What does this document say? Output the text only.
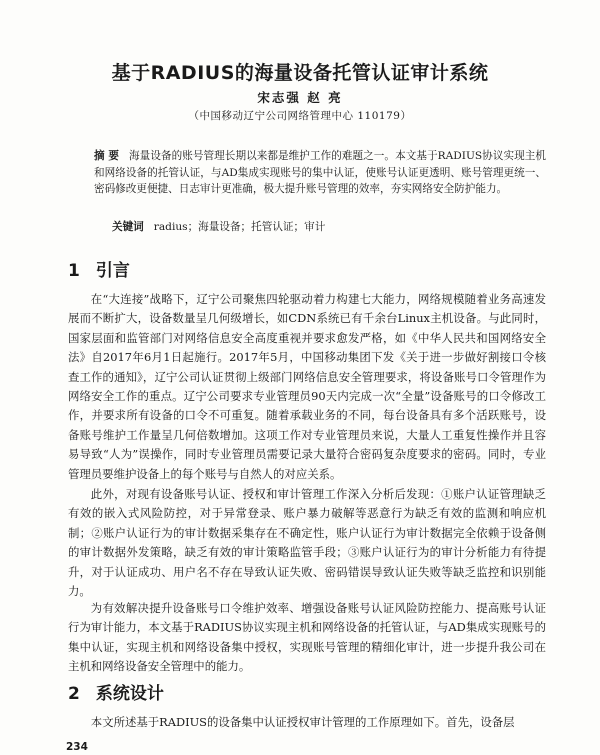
基于RADIUS的海量设备托管认证审计系统
宋志强 赵 亮
（中国移动辽宁公司网络管理中心 110179）

摘 要 海量设备的账号管理长期以来都是维护工作的难题之一。本文基于RADIUS协议实现主机和网络设备的托管认证，与AD集成实现账号的集中认证，使账号认证更透明、账号管理更统一、密码修改更便捷、日志审计更准确，极大提升账号管理的效率，夯实网络安全防护能力。

关键词 radius；海量设备；托管认证；审计

1 引言

在“大连接”战略下，辽宁公司聚焦四轮驱动着力构建七大能力，网络规模随着业务高速发展而不断扩大，设备数量呈几何级增长，如CDN系统已有千余台Linux主机设备。与此同时，国家层面和监管部门对网络信息安全高度重视并要求愈发严格，如《中华人民共和国网络安全法》自2017年6月1日起施行。2017年5月，中国移动集团下发《关于进一步做好割接口令核查工作的通知》，辽宁公司认证贯彻上级部门网络信息安全管理要求，将设备账号口令管理作为网络安全工作的重点。辽宁公司要求专业管理员90天内完成一次“全量”设备账号的口令修改工作，并要求所有设备的口令不可重复。随着承载业务的不同，每台设备具有多个活跃账号，设备账号维护工作量呈几何倍数增加。这项工作对专业管理员来说，大量人工重复性操作并且容易导致“人为”误操作，同时专业管理员需要记录大量符合密码复杂度要求的密码。同时，专业管理员要维护设备上的每个账号与自然人的对应关系。

此外，对现有设备账号认证、授权和审计管理工作深入分析后发现：①账户认证管理缺乏有效的嵌入式风险防控，对于异常登录、账户暴力破解等恶意行为缺乏有效的监测和响应机制；②账户认证行为的审计数据采集存在不确定性，账户认证行为审计数据完全依赖于设备侧的审计数据外发策略，缺乏有效的审计策略监管手段；③账户认证行为的审计分析能力有待提升，对于认证成功、用户名不存在导致认证失败、密码错误导致认证失败等缺乏监控和识别能力。

为有效解决提升设备账号口令维护效率、增强设备账号认证风险防控能力、提高账号认证行为审计能力，本文基于RADIUS协议实现主机和网络设备的托管认证，与AD集成实现账号的集中认证，实现主机和网络设备集中授权，实现账号管理的精细化审计，进一步提升我公司在主机和网络设备安全管理中的能力。

2 系统设计

本文所述基于RADIUS的设备集中认证授权审计管理的工作原理如下。首先，设备层

234
